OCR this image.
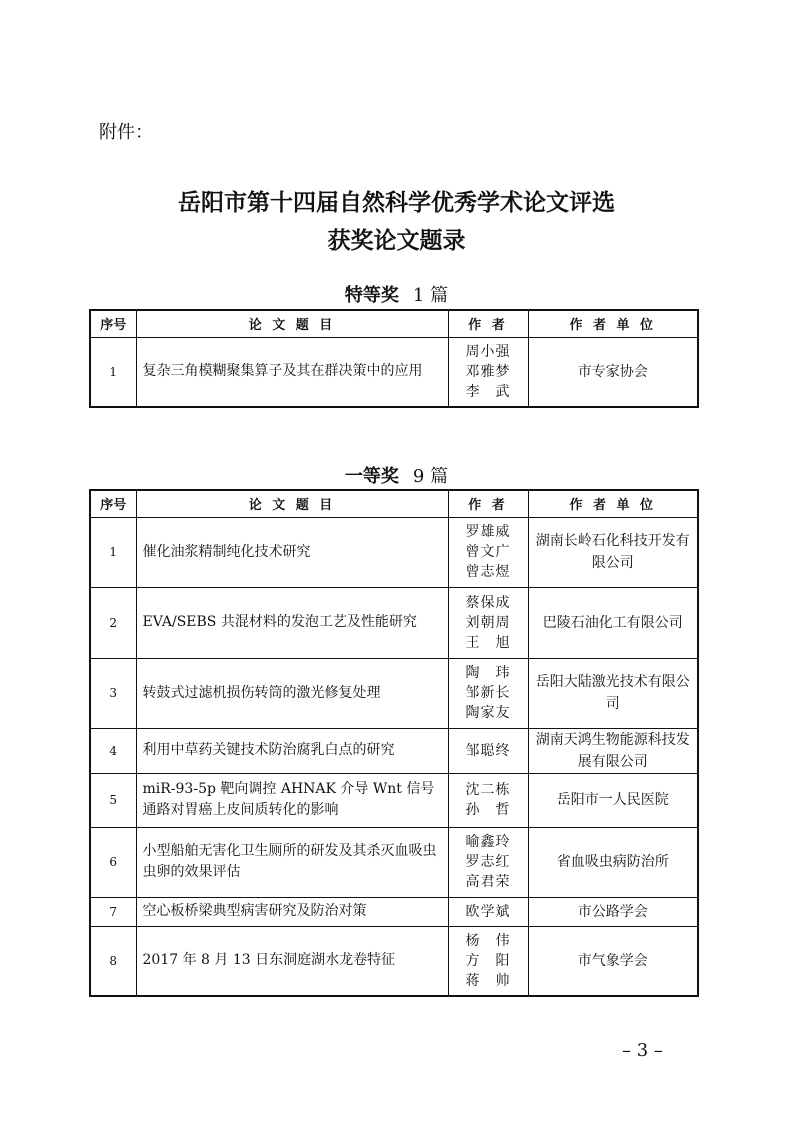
附件：
岳阳市第十四届自然科学优秀学术论文评选
获奖论文题录
特等奖 1 篇
序号	论 文 题 目	作 者	作 者 单 位
1	复杂三角模糊聚集算子及其在群决策中的应用	周小强
邓雅梦
李　武	市专家协会
一等奖 9 篇
序号	论 文 题 目	作 者	作 者 单 位
1	催化油浆精制纯化技术研究	罗雄威
曾文广
曾志煜	湖南长岭石化科技开发有限公司
2	EVA/SEBS 共混材料的发泡工艺及性能研究	蔡保成
刘朝周
王　旭	巴陵石油化工有限公司
3	转鼓式过滤机损伤转筒的激光修复处理	陶　玮
邹新长
陶家友	岳阳大陆激光技术有限公司
4	利用中草药关键技术防治腐乳白点的研究	邹聪终	湖南天鸿生物能源科技发展有限公司
5	miR-93-5p 靶向调控 AHNAK 介导 Wnt 信号通路对胃癌上皮间质转化的影响	沈二栋
孙　哲	岳阳市一人民医院
6	小型船舶无害化卫生厕所的研发及其杀灭血吸虫虫卵的效果评估	喻鑫玲
罗志红
高君荣	省血吸虫病防治所
7	空心板桥梁典型病害研究及防治对策	欧学斌	市公路学会
8	2017 年 8 月 13 日东洞庭湖水龙卷特征	杨　伟
方　阳
蒋　帅	市气象学会
– 3 –
